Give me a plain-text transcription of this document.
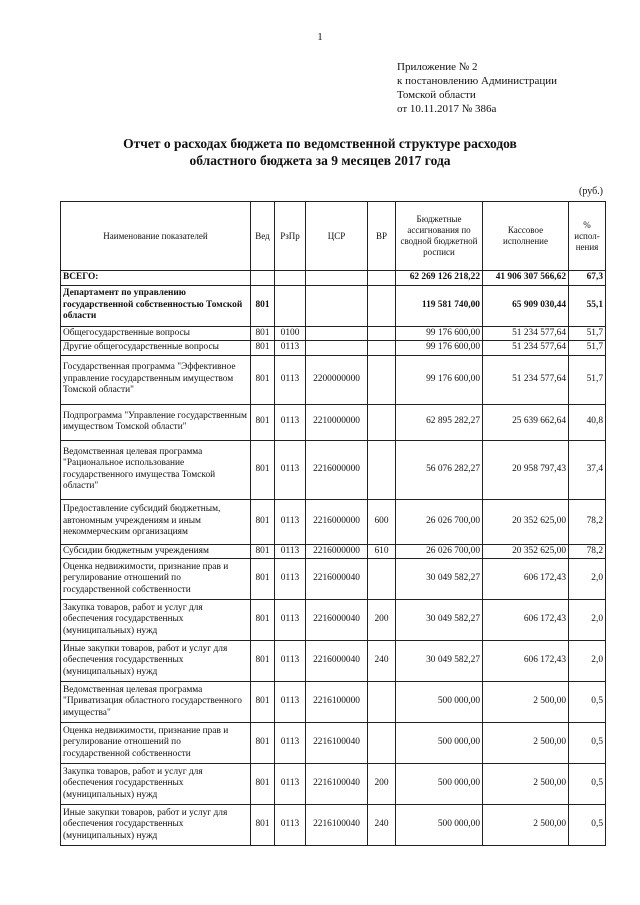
1
Приложение № 2
к постановлению Администрации
Томской области
от 10.11.2017 № 386а
Отчет о расходах бюджета по ведомственной структуре расходов
областного бюджета за 9 месяцев 2017 года
(руб.)
Наименование показателей	Вед	РзПр	ЦСР	ВР	Бюджетные ассигнования по сводной бюджетной росписи	Кассовое исполнение	% испол-нения
ВСЕГО:					62 269 126 218,22	41 906 307 566,62	67,3
Департамент по управлению государственной собственностью Томской области	801				119 581 740,00	65 909 030,44	55,1
Общегосударственные вопросы	801	0100			99 176 600,00	51 234 577,64	51,7
Другие общегосударственные вопросы	801	0113			99 176 600,00	51 234 577,64	51,7
Государственная программа "Эффективное управление государственным имуществом Томской области"	801	0113	2200000000		99 176 600,00	51 234 577,64	51,7
Подпрограмма "Управление государственным имуществом Томской области"	801	0113	2210000000		62 895 282,27	25 639 662,64	40,8
Ведомственная целевая программа "Рациональное использование государственного имущества Томской области"	801	0113	2216000000		56 076 282,27	20 958 797,43	37,4
Предоставление субсидий бюджетным, автономным учреждениям и иным некоммерческим организациям	801	0113	2216000000	600	26 026 700,00	20 352 625,00	78,2
Субсидии бюджетным учреждениям	801	0113	2216000000	610	26 026 700,00	20 352 625,00	78,2
Оценка недвижимости, признание прав и регулирование отношений по государственной собственности	801	0113	2216000040		30 049 582,27	606 172,43	2,0
Закупка товаров, работ и услуг для обеспечения государственных (муниципальных) нужд	801	0113	2216000040	200	30 049 582,27	606 172,43	2,0
Иные закупки товаров, работ и услуг для обеспечения государственных (муниципальных) нужд	801	0113	2216000040	240	30 049 582,27	606 172,43	2,0
Ведомственная целевая программа "Приватизация областного государственного имущества"	801	0113	2216100000		500 000,00	2 500,00	0,5
Оценка недвижимости, признание прав и регулирование отношений по государственной собственности	801	0113	2216100040		500 000,00	2 500,00	0,5
Закупка товаров, работ и услуг для обеспечения государственных (муниципальных) нужд	801	0113	2216100040	200	500 000,00	2 500,00	0,5
Иные закупки товаров, работ и услуг для обеспечения государственных (муниципальных) нужд	801	0113	2216100040	240	500 000,00	2 500,00	0,5
